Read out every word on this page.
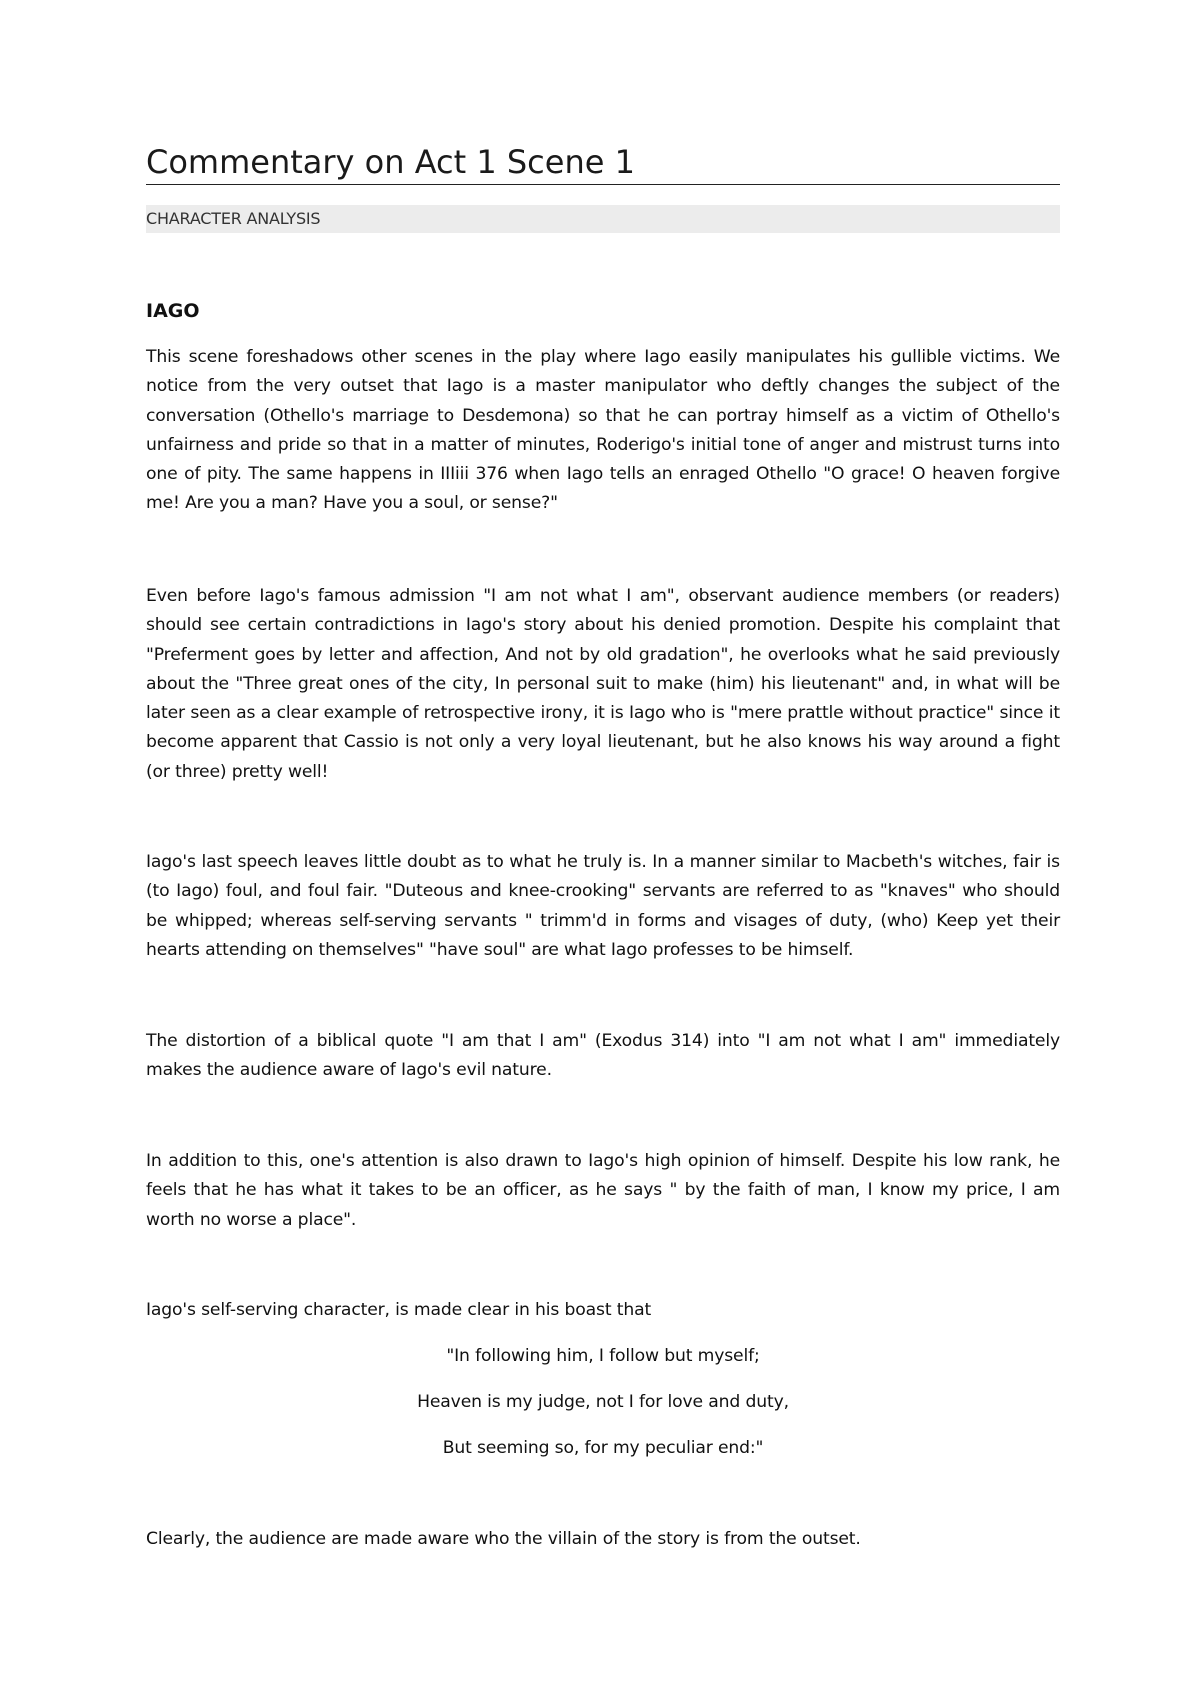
Commentary on Act 1 Scene 1
CHARACTER ANALYSIS
IAGO

This scene foreshadows other scenes in the play where Iago easily manipulates his gullible victims. We notice from the very outset that Iago is a master manipulator who deftly changes the subject of the conversation (Othello's marriage to Desdemona) so that he can portray himself as a victim of Othello's unfairness and pride so that in a matter of minutes, Roderigo's initial tone of anger and mistrust turns into one of pity. The same happens in IIIiii 376 when Iago tells an enraged Othello "O grace! O heaven forgive me! Are you a man? Have you a soul, or sense?"

Even before Iago's famous admission "I am not what I am", observant audience members (or readers) should see certain contradictions in Iago's story about his denied promotion. Despite his complaint that "Preferment goes by letter and affection, And not by old gradation", he overlooks what he said previously about the "Three great ones of the city, In personal suit to make (him) his lieutenant" and, in what will be later seen as a clear example of retrospective irony, it is Iago who is "mere prattle without practice" since it become apparent that Cassio is not only a very loyal lieutenant, but he also knows his way around a fight (or three) pretty well!

Iago's last speech leaves little doubt as to what he truly is. In a manner similar to Macbeth's witches, fair is (to Iago) foul, and foul fair. "Duteous and knee-crooking" servants are referred to as "knaves" who should be whipped; whereas self-serving servants " trimm'd in forms and visages of duty, (who) Keep yet their hearts attending on themselves" "have soul" are what Iago professes to be himself.

The distortion of a biblical quote "I am that I am" (Exodus 314) into "I am not what I am" immediately makes the audience aware of Iago's evil nature.

In addition to this, one's attention is also drawn to Iago's high opinion of himself. Despite his low rank, he feels that he has what it takes to be an officer, as he says " by the faith of man, I know my price, I am worth no worse a place".

Iago's self-serving character, is made clear in his boast that

"In following him, I follow but myself;

Heaven is my judge, not I for love and duty,

But seeming so, for my peculiar end:"

Clearly, the audience are made aware who the villain of the story is from the outset.
